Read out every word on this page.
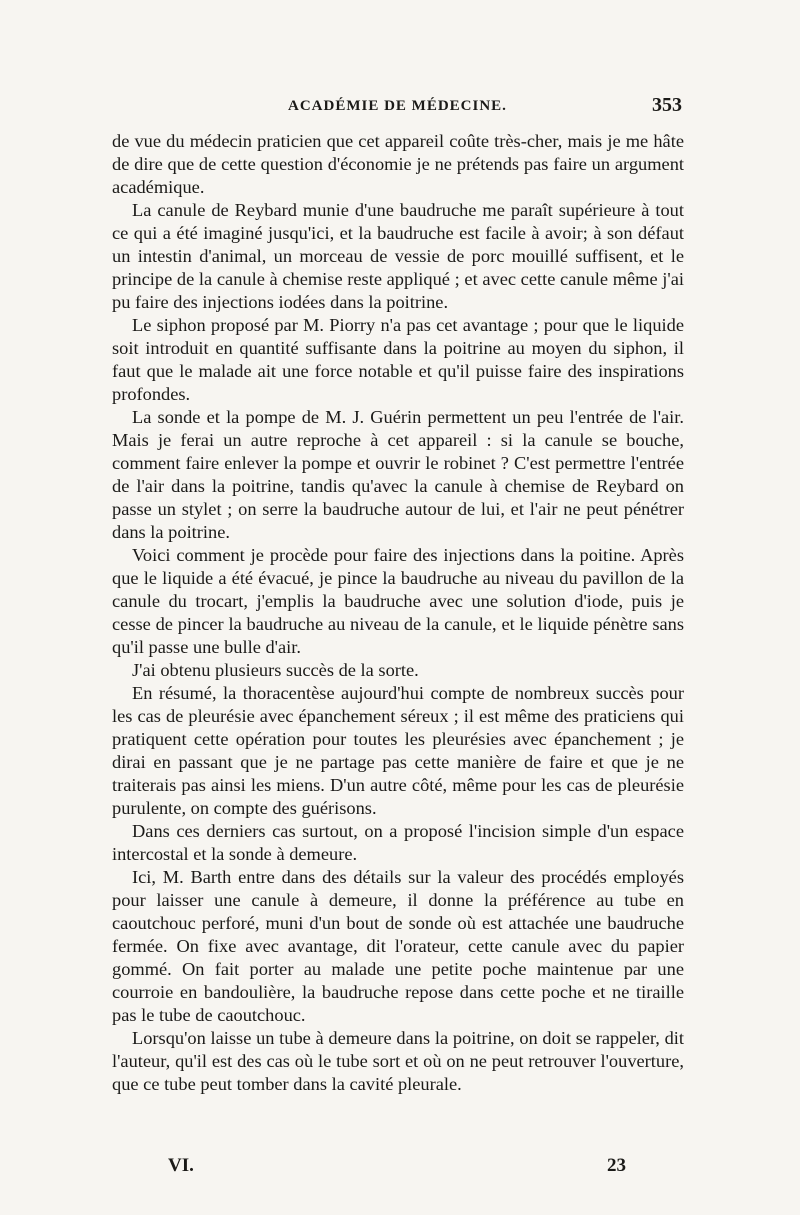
ACADÉMIE DE MÉDECINE.	353

de vue du médecin praticien que cet appareil coûte très-cher, mais je me hâte de dire que de cette question d'économie je ne prétends pas faire un argument académique.

La canule de Reybard munie d'une baudruche me paraît supérieure à tout ce qui a été imaginé jusqu'ici, et la baudruche est facile à avoir; à son défaut un intestin d'animal, un morceau de vessie de porc mouillé suffisent, et le principe de la canule à chemise reste appliqué ; et avec cette canule même j'ai pu faire des injections iodées dans la poitrine.

Le siphon proposé par M. Piorry n'a pas cet avantage ; pour que le liquide soit introduit en quantité suffisante dans la poitrine au moyen du siphon, il faut que le malade ait une force notable et qu'il puisse faire des inspirations profondes.

La sonde et la pompe de M. J. Guérin permettent un peu l'entrée de l'air. Mais je ferai un autre reproche à cet appareil : si la canule se bouche, comment faire enlever la pompe et ouvrir le robinet ? C'est permettre l'entrée de l'air dans la poitrine, tandis qu'avec la canule à chemise de Reybard on passe un stylet ; on serre la baudruche autour de lui, et l'air ne peut pénétrer dans la poitrine.

Voici comment je procède pour faire des injections dans la poitine. Après que le liquide a été évacué, je pince la baudruche au niveau du pavillon de la canule du trocart, j'emplis la baudruche avec une solution d'iode, puis je cesse de pincer la baudruche au niveau de la canule, et le liquide pénètre sans qu'il passe une bulle d'air.

J'ai obtenu plusieurs succès de la sorte.

En résumé, la thoracentèse aujourd'hui compte de nombreux succès pour les cas de pleurésie avec épanchement séreux ; il est même des praticiens qui pratiquent cette opération pour toutes les pleurésies avec épanchement ; je dirai en passant que je ne partage pas cette manière de faire et que je ne traiterais pas ainsi les miens. D'un autre côté, même pour les cas de pleurésie purulente, on compte des guérisons.

Dans ces derniers cas surtout, on a proposé l'incision simple d'un espace intercostal et la sonde à demeure.

Ici, M. Barth entre dans des détails sur la valeur des procédés employés pour laisser une canule à demeure, il donne la préférence au tube en caoutchouc perforé, muni d'un bout de sonde où est attachée une baudruche fermée. On fixe avec avantage, dit l'orateur, cette canule avec du papier gommé. On fait porter au malade une petite poche maintenue par une courroie en bandoulière, la baudruche repose dans cette poche et ne tiraille pas le tube de caoutchouc.

Lorsqu'on laisse un tube à demeure dans la poitrine, on doit se rappeler, dit l'auteur, qu'il est des cas où le tube sort et où on ne peut retrouver l'ouverture, que ce tube peut tomber dans la cavité pleurale.

VI.	23
